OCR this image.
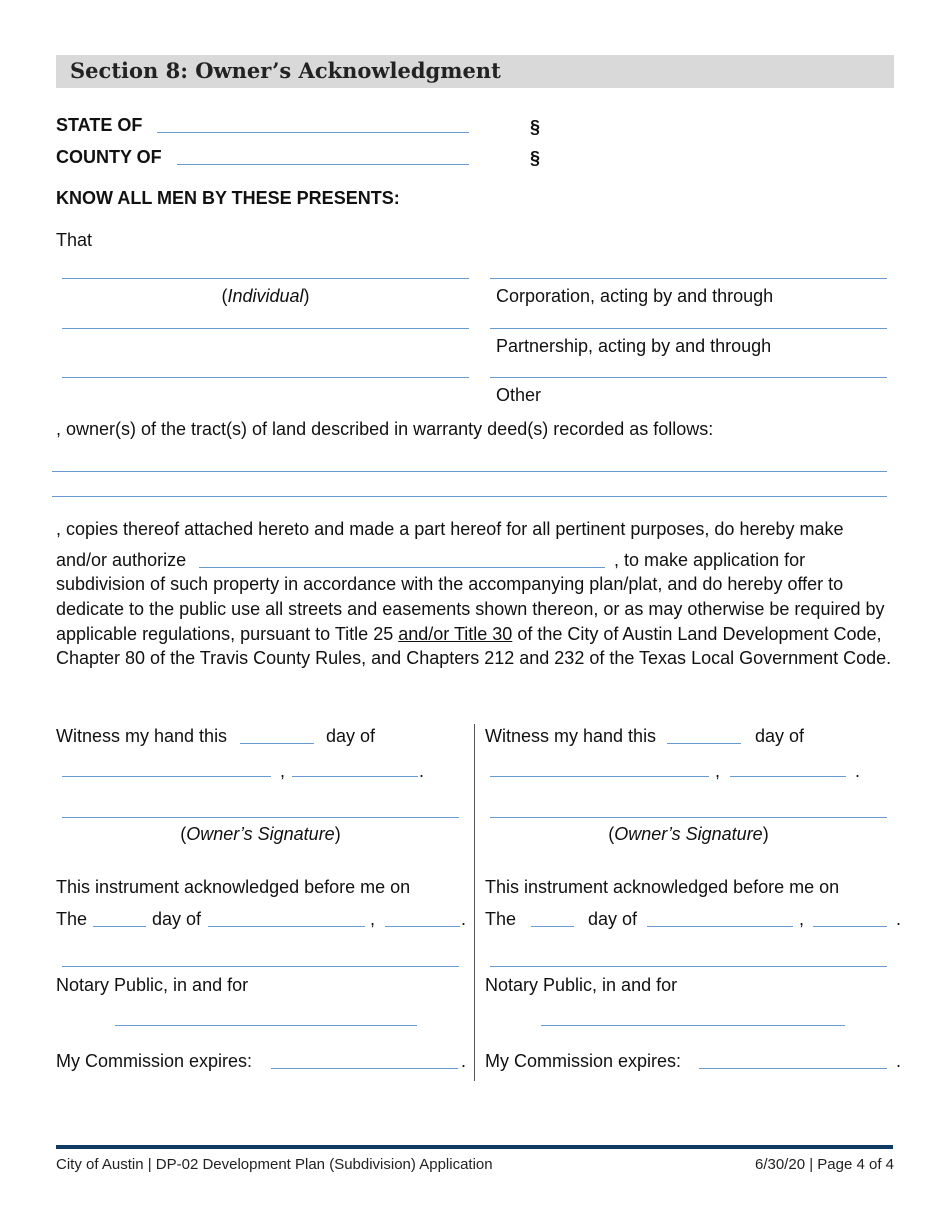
Section 8: Owner’s Acknowledgment
STATE OF	§
COUNTY OF	§
KNOW ALL MEN BY THESE PRESENTS:
That
(Individual)	Corporation, acting by and through
Partnership, acting by and through
Other
, owner(s) of the tract(s) of land described in warranty deed(s) recorded as follows:
, copies thereof attached hereto and made a part hereof for all pertinent purposes, do hereby make
and/or authorize	, to make application for
subdivision of such property in accordance with the accompanying plan/plat, and do hereby offer to dedicate to the public use all streets and easements shown thereon, or as may otherwise be required by applicable regulations, pursuant to Title 25 and/or Title 30 of the City of Austin Land Development Code, Chapter 80 of the Travis County Rules, and Chapters 212 and 232 of the Texas Local Government Code.
Witness my hand this	day of
,	.
(Owner’s Signature)
This instrument acknowledged before me on
The	day of	,	.
Notary Public, in and for
My Commission expires:	.
Witness my hand this	day of
,	.
(Owner’s Signature)
This instrument acknowledged before me on
The	day of	,	.
Notary Public, in and for
My Commission expires:	.
City of Austin | DP-02 Development Plan (Subdivision) Application	6/30/20 | Page 4 of 4
